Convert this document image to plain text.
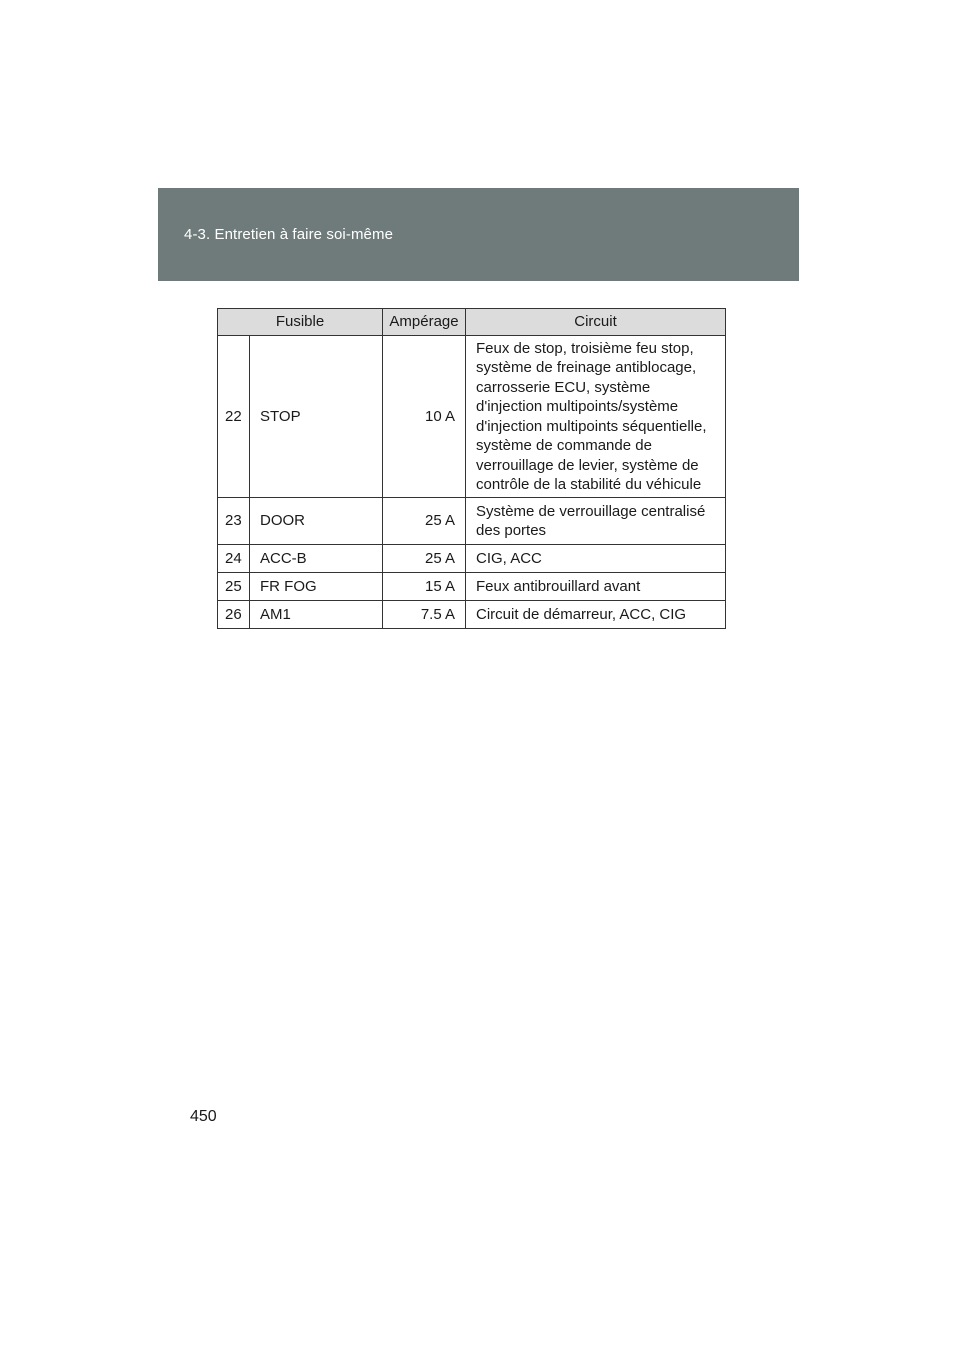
4-3. Entretien à faire soi-même
Fusible		Ampérage	Circuit
22	STOP	10 A	Feux de stop, troisième feu stop, système de freinage antiblocage, carrosserie ECU, système d'injection multipoints/système d'injection multipoints séquentielle, système de commande de verrouillage de levier, système de contrôle de la stabilité du véhicule
23	DOOR	25 A	Système de verrouillage centralisé des portes
24	ACC-B	25 A	CIG, ACC
25	FR FOG	15 A	Feux antibrouillard avant
26	AM1	7.5 A	Circuit de démarreur, ACC, CIG
450
